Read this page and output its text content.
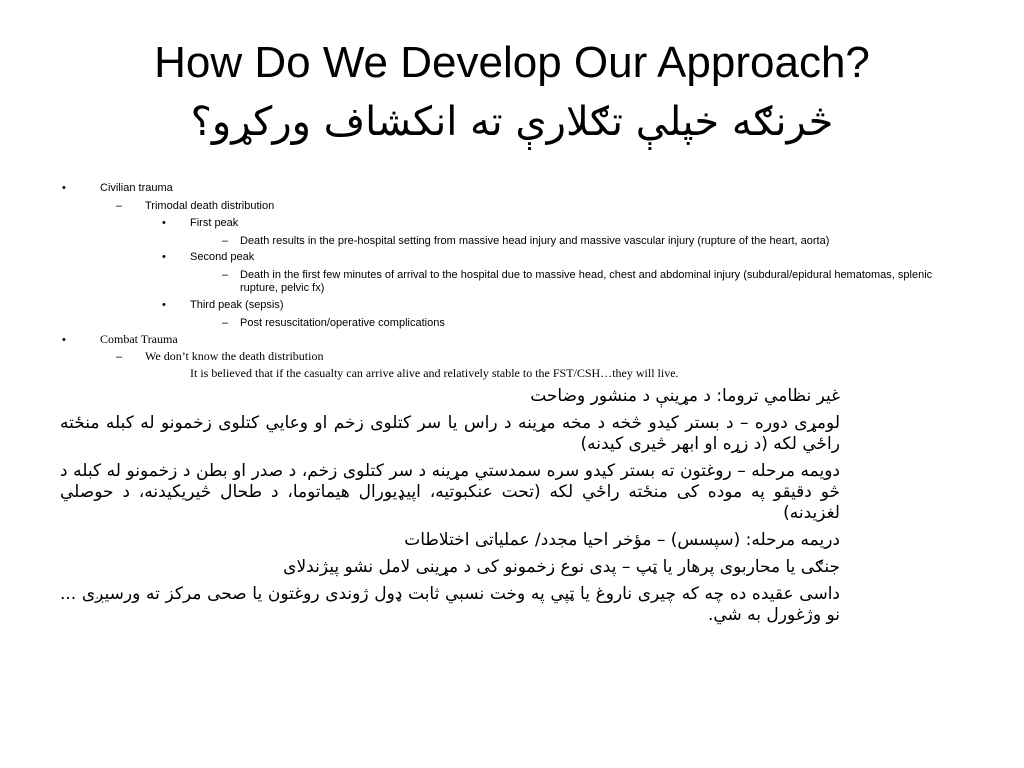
How Do We Develop Our Approach?
څرنګه خپلې تګلارې ته انکشاف ورکړو؟
•	Civilian trauma
– Trimodal death distribution
• First peak
– Death results in the pre-hospital setting from massive head injury and massive vascular injury (rupture of the heart, aorta)
• Second peak
– Death in the first few minutes of arrival to the hospital due to massive head, chest and abdominal injury (subdural/epidural hematomas, splenic rupture, pelvic fx)
• Third peak (sepsis)
– Post resuscitation/operative complications
•	Combat Trauma
– We don’t know the death distribution
It is believed that if the casualty can arrive alive and relatively stable to the FST/CSH…they will live.

غير نظامي تروما: د مړينې د منشور وضاحت

لومړی دوره – د بستر کیدو څخه د مخه مړینه د راس یا سر کتلوی زخم او وعايي کتلوی زخمونو له کبله منځته راځي لکه (د زړه او ابهر څیری کیدنه)

دويمه مرحله – روغتون ته بستر کیدو سره سمدستي مړینه د سر کتلوی زخم، د صدر او بطن د زخمونو له کبله د څو دقیقو په موده کی منځته راځي لکه (تحت عنکبوتیه، اپیډیورال هیماتوما، د طحال څیریکیدنه، د حوصلي لغزیدنه)

دريمه مرحله: (سپسس) – مؤخر احیا مجدد/ عملیاتی اختلاطات

جنګی یا محاربوی پرهار یا ټپ – پدی نوع زخمونو کی د مړینی لامل نشو پیژندلای

داسی عقیده ده چه که چیری ناروغ یا ټپي په وخت نسبي ثابت ډول ژوندی روغتون یا صحی مرکز ته ورسیږی ... نو وژغورل به شي.
